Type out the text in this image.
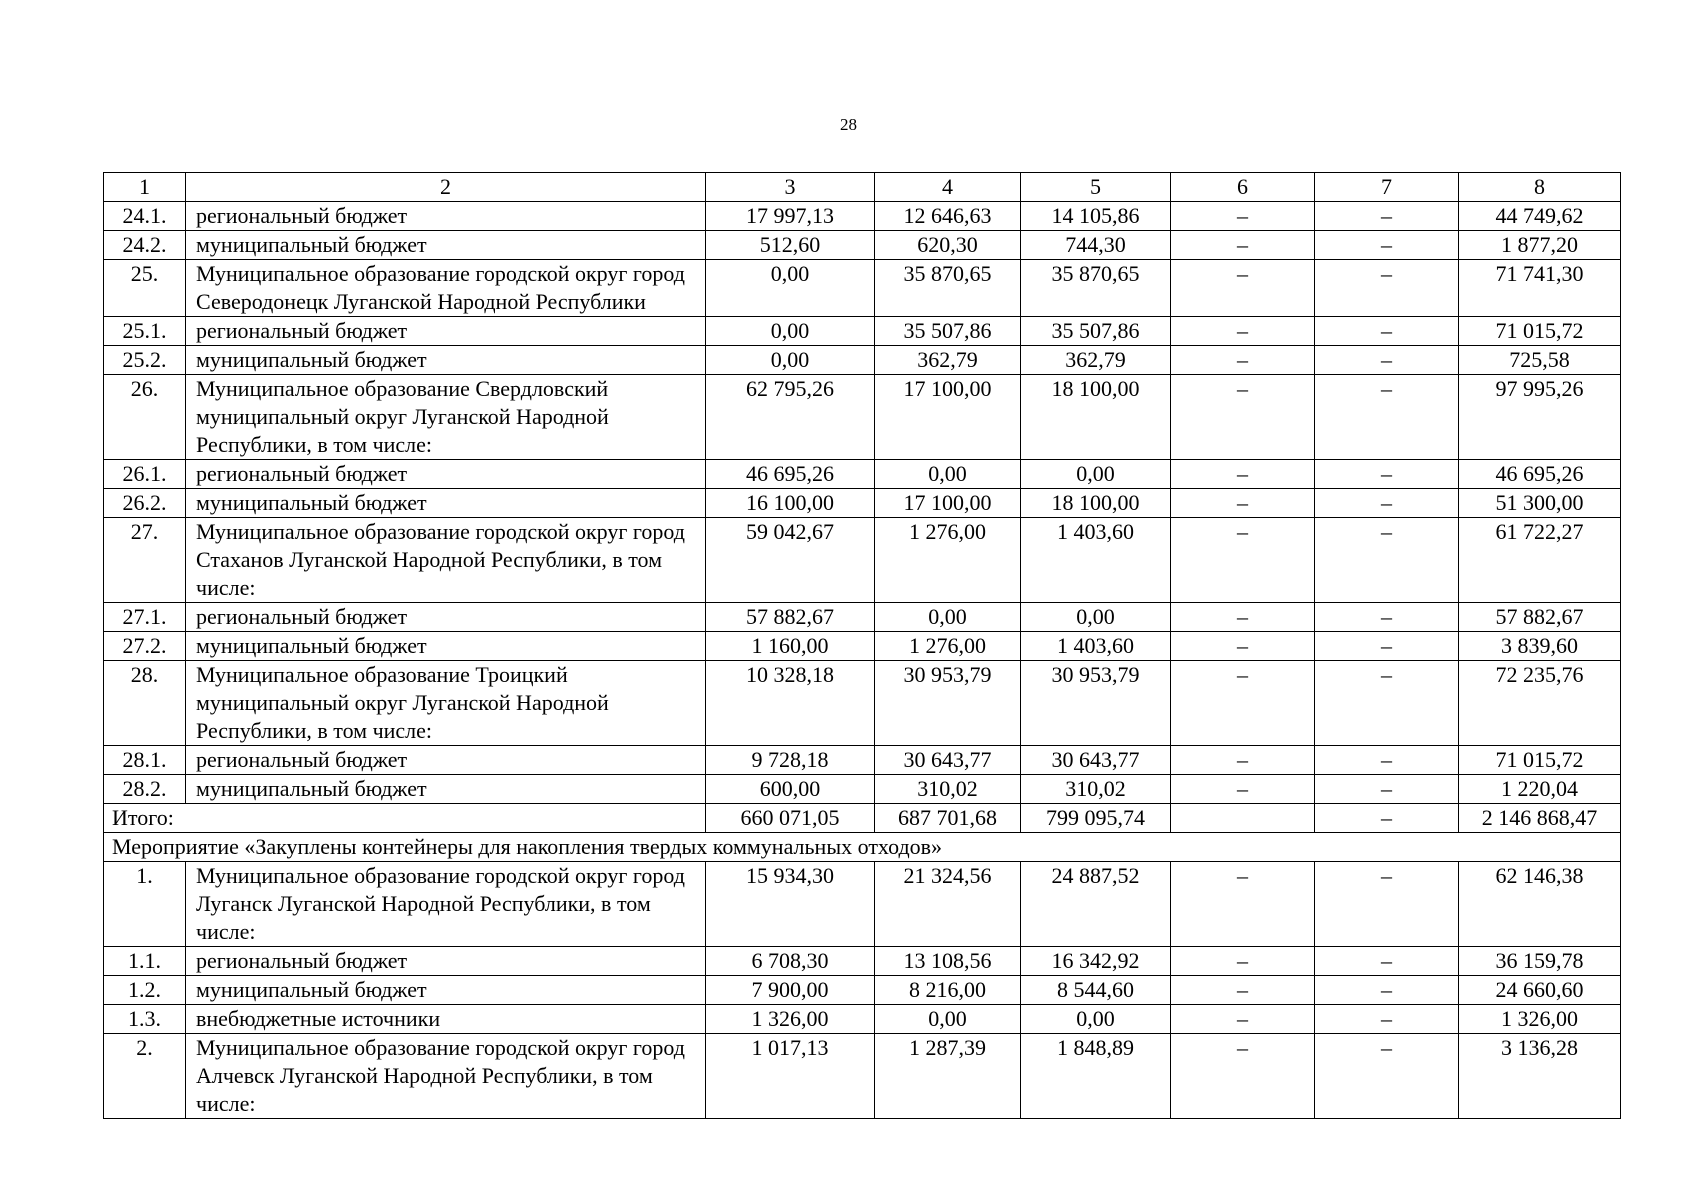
28
1	2	3	4	5	6	7	8
24.1.	региональный бюджет	17 997,13	12 646,63	14 105,86	–	–	44 749,62
24.2.	муниципальный бюджет	512,60	620,30	744,30	–	–	1 877,20
25.	Муниципальное образование городской округ город Северодонецк Луганской Народной Республики	0,00	35 870,65	35 870,65	–	–	71 741,30
25.1.	региональный бюджет	0,00	35 507,86	35 507,86	–	–	71 015,72
25.2.	муниципальный бюджет	0,00	362,79	362,79	–	–	725,58
26.	Муниципальное образование Свердловский муниципальный округ Луганской Народной Республики, в том числе:	62 795,26	17 100,00	18 100,00	–	–	97 995,26
26.1.	региональный бюджет	46 695,26	0,00	0,00	–	–	46 695,26
26.2.	муниципальный бюджет	16 100,00	17 100,00	18 100,00	–	–	51 300,00
27.	Муниципальное образование городской округ город Стаханов Луганской Народной Республики, в том числе:	59 042,67	1 276,00	1 403,60	–	–	61 722,27
27.1.	региональный бюджет	57 882,67	0,00	0,00	–	–	57 882,67
27.2.	муниципальный бюджет	1 160,00	1 276,00	1 403,60	–	–	3 839,60
28.	Муниципальное образование Троицкий муниципальный округ Луганской Народной Республики, в том числе:	10 328,18	30 953,79	30 953,79	–	–	72 235,76
28.1.	региональный бюджет	9 728,18	30 643,77	30 643,77	–	–	71 015,72
28.2.	муниципальный бюджет	600,00	310,02	310,02	–	–	1 220,04
Итого:		660 071,05	687 701,68	799 095,74		–	2 146 868,47
Мероприятие «Закуплены контейнеры для накопления твердых коммунальных отходов»							
1.	Муниципальное образование городской округ город Луганск Луганской Народной Республики, в том числе:	15 934,30	21 324,56	24 887,52	–	–	62 146,38
1.1.	региональный бюджет	6 708,30	13 108,56	16 342,92	–	–	36 159,78
1.2.	муниципальный бюджет	7 900,00	8 216,00	8 544,60	–	–	24 660,60
1.3.	внебюджетные источники	1 326,00	0,00	0,00	–	–	1 326,00
2.	Муниципальное образование городской округ город Алчевск Луганской Народной Республики, в том числе:	1 017,13	1 287,39	1 848,89	–	–	3 136,28
